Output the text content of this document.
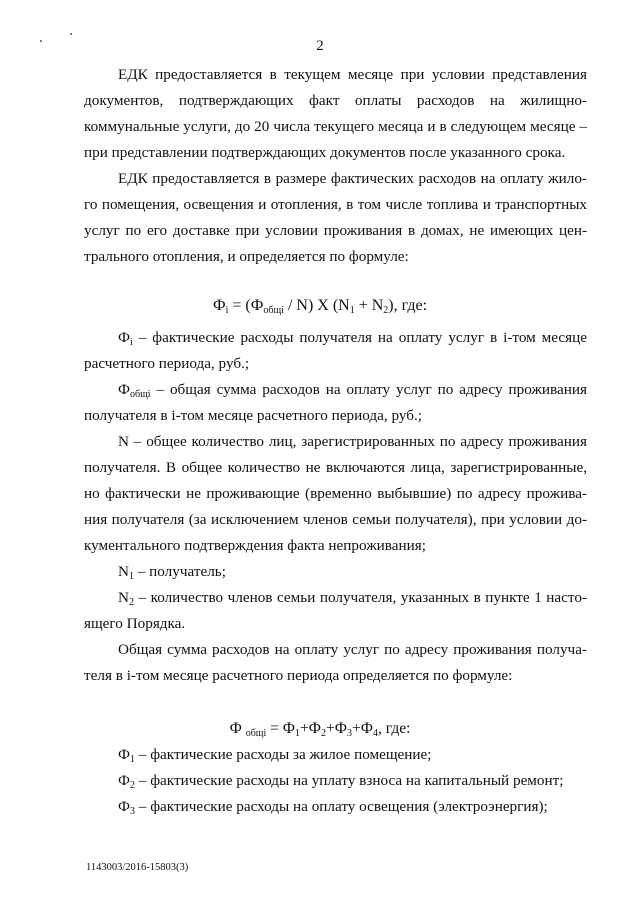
2
ЕДК предоставляется в текущем месяце при условии представления
документов, подтверждающих факт оплаты расходов на жилищно-
коммунальные услуги, до 20 числа текущего месяца и в следующем месяце –
при представлении подтверждающих документов после указанного срока.
ЕДК предоставляется в размере фактических расходов на оплату жило-
го помещения, освещения и отопления, в том числе топлива и транспортных
услуг по его доставке при условии проживания в домах, не имеющих цен-
трального отопления, и определяется по формуле:
$Ф_i = (Ф_{общі} / N)$ X $(N_1 + N_2)$, где:
$Ф_i$ – фактические расходы получателя на оплату услуг в i-том месяце
расчетного периода, руб.;
$Ф_{общі}$ – общая сумма расходов на оплату услуг по адресу проживания
получателя в i-том месяце расчетного периода, руб.;
N – общее количество лиц, зарегистрированных по адресу проживания
получателя. В общее количество не включаются лица, зарегистрированные,
но фактически не проживающие (временно выбывшие) по адресу прожива-
ния получателя (за исключением членов семьи получателя), при условии до-
кументального подтверждения факта непроживания;
$N_1$ – получатель;
$N_2$ – количество членов семьи получателя, указанных в пункте 1 насто-
ящего Порядка.
Общая сумма расходов на оплату услуг по адресу проживания получа-
теля в i-том месяце расчетного периода определяется по формуле:
Ф $_{общі} = Ф_1+Ф_2+Ф_3+Ф_4$, где:
$Ф_1$ – фактические расходы за жилое помещение;
$Ф_2$ – фактические расходы на уплату взноса на капитальный ремонт;
$Ф_3$ – фактические расходы на оплату освещения (электроэнергия);
1143003/2016-15803(3)
